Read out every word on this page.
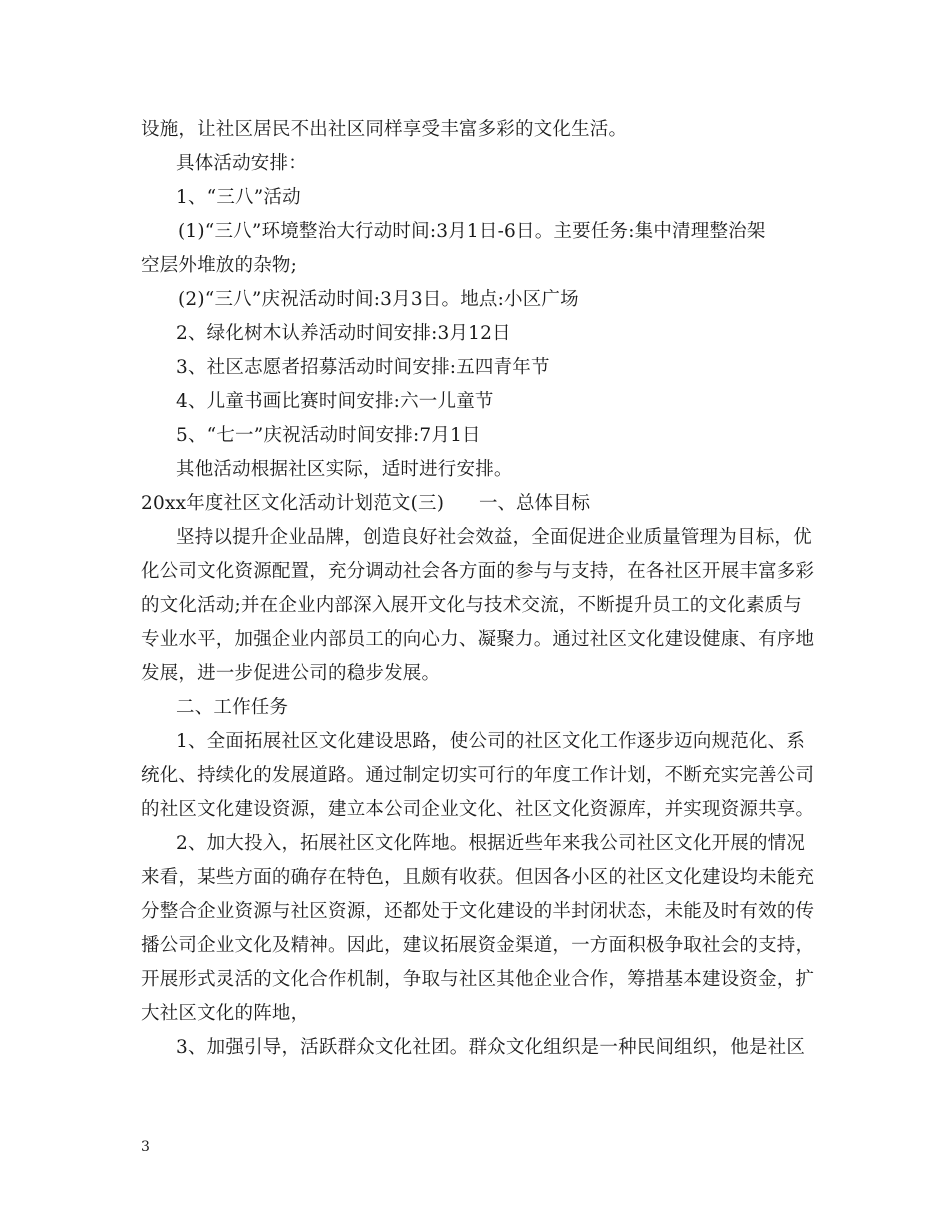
设施，让社区居民不出社区同样享受丰富多彩的文化生活。
具体活动安排：
1、“三八”活动
(1)“三八”环境整治大行动时间:3月1日-6日。主要任务:集中清理整治架
空层外堆放的杂物;
(2)“三八”庆祝活动时间:3月3日。地点:小区广场
2、绿化树木认养活动时间安排:3月12日
3、社区志愿者招募活动时间安排:五四青年节
4、儿童书画比赛时间安排:六一儿童节
5、“七一”庆祝活动时间安排:7月1日
其他活动根据社区实际，适时进行安排。
20xx年度社区文化活动计划范文(三) 一、总体目标
坚持以提升企业品牌，创造良好社会效益，全面促进企业质量管理为目标，优
化公司文化资源配置，充分调动社会各方面的参与与支持，在各社区开展丰富多彩
的文化活动;并在企业内部深入展开文化与技术交流，不断提升员工的文化素质与
专业水平，加强企业内部员工的向心力、凝聚力。通过社区文化建设健康、有序地
发展，进一步促进公司的稳步发展。
二、工作任务
1、全面拓展社区文化建设思路，使公司的社区文化工作逐步迈向规范化、系
统化、持续化的发展道路。通过制定切实可行的年度工作计划，不断充实完善公司
的社区文化建设资源，建立本公司企业文化、社区文化资源库，并实现资源共享。
2、加大投入，拓展社区文化阵地。根据近些年来我公司社区文化开展的情况
来看，某些方面的确存在特色，且颇有收获。但因各小区的社区文化建设均未能充
分整合企业资源与社区资源，还都处于文化建设的半封闭状态，未能及时有效的传
播公司企业文化及精神。因此，建议拓展资金渠道，一方面积极争取社会的支持，
开展形式灵活的文化合作机制，争取与社区其他企业合作，筹措基本建设资金，扩
大社区文化的阵地，
3、加强引导，活跃群众文化社团。群众文化组织是一种民间组织，他是社区
3
